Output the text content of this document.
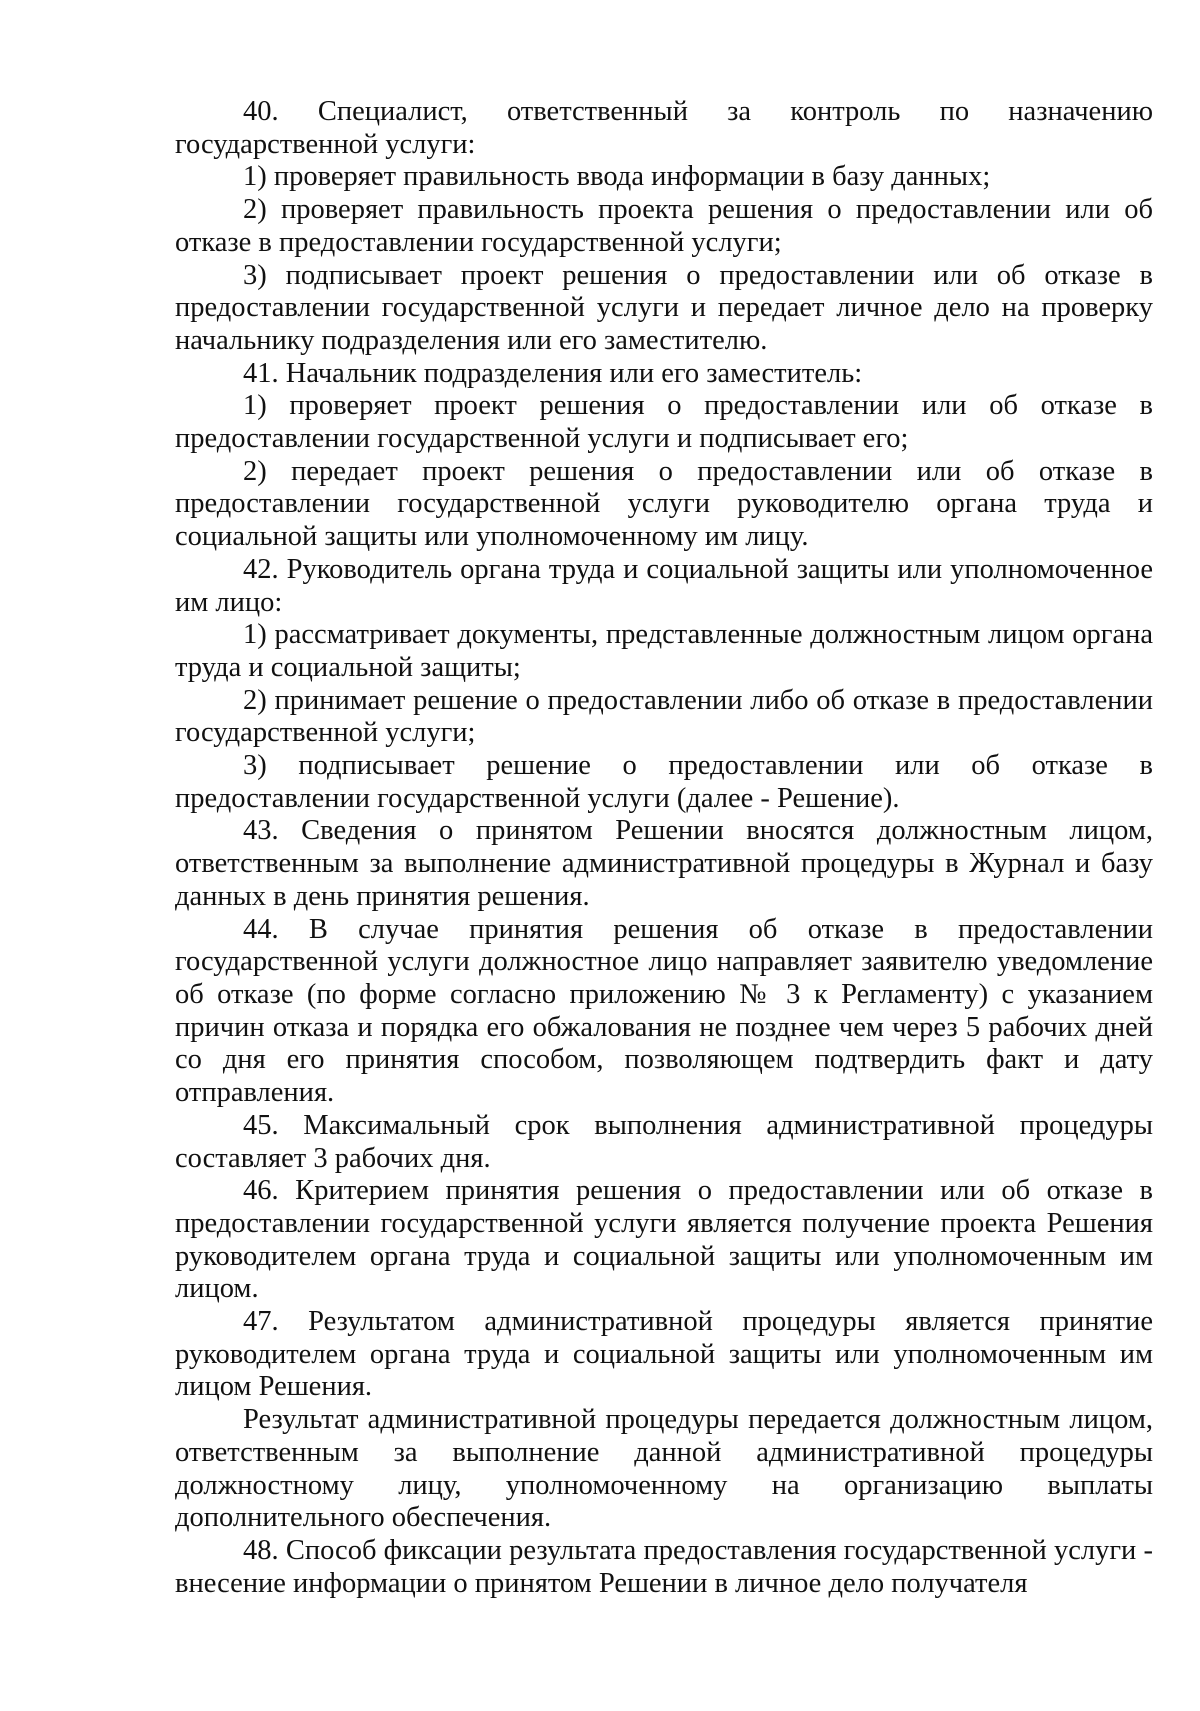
40. Специалист, ответственный за контроль по назначению государственной услуги:

1) проверяет правильность ввода информации в базу данных;

2) проверяет правильность проекта решения о предоставлении или об отказе в предоставлении государственной услуги;

3) подписывает проект решения о предоставлении или об отказе в предоставлении государственной услуги и передает личное дело на проверку начальнику подразделения или его заместителю.

41. Начальник подразделения или его заместитель:

1) проверяет проект решения о предоставлении или об отказе в предоставлении государственной услуги и подписывает его;

2) передает проект решения о предоставлении или об отказе в предоставлении государственной услуги руководителю органа труда и социальной защиты или уполномоченному им лицу.

42. Руководитель органа труда и социальной защиты или уполномоченное им лицо:

1) рассматривает документы, представленные должностным лицом органа труда и социальной защиты;

2) принимает решение о предоставлении либо об отказе в предоставлении государственной услуги;

3) подписывает решение о предоставлении или об отказе в предоставлении государственной услуги (далее - Решение).

43. Сведения о принятом Решении вносятся должностным лицом, ответственным за выполнение административной процедуры в Журнал и базу данных в день принятия решения.

44. В случае принятия решения об отказе в предоставлении государственной услуги должностное лицо направляет заявителю уведомление об отказе (по форме согласно приложению № 3 к Регламенту) с указанием причин отказа и порядка его обжалования не позднее чем через 5 рабочих дней со дня его принятия способом, позволяющем подтвердить факт и дату отправления.

45. Максимальный срок выполнения административной процедуры составляет 3 рабочих дня.

46. Критерием принятия решения о предоставлении или об отказе в предоставлении государственной услуги является получение проекта Решения руководителем органа труда и социальной защиты или уполномоченным им лицом.

47. Результатом административной процедуры является принятие руководителем органа труда и социальной защиты или уполномоченным им лицом Решения.

Результат административной процедуры передается должностным лицом, ответственным за выполнение данной административной процедуры должностному лицу, уполномоченному на организацию выплаты дополнительного обеспечения.

48. Способ фиксации результата предоставления государственной услуги - внесение информации о принятом Решении в личное дело получателя
